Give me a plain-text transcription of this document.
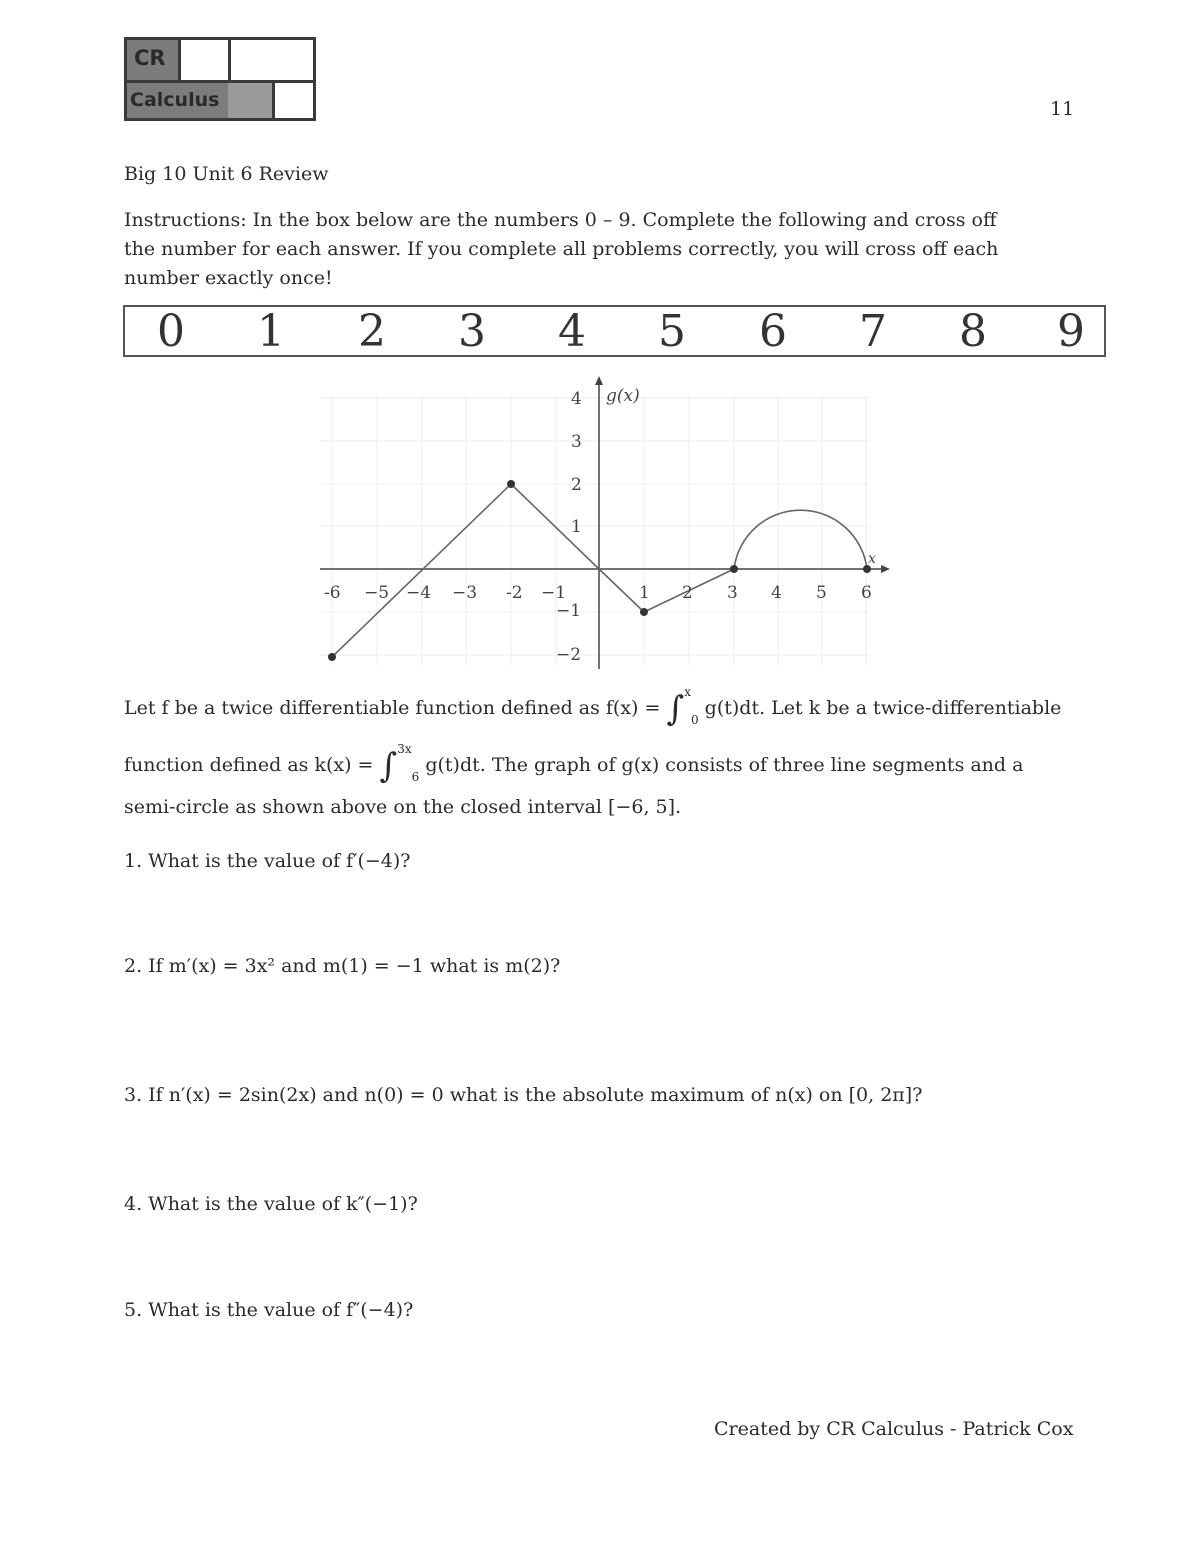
CR
Calculus	11
Big 10 Unit 6 Review
Instructions: In the box below are the numbers 0 – 9. Complete the following and cross off the number for each answer. If you complete all problems correctly, you will cross off each number exactly once!
0 1 2 3 4 5 6 7 8 9
g(x)
x
-6 −5 −4 −3 -2 −1	1 2 3 4 5 6
4
3
2
1
−1
−2
Let f be a twice differentiable function defined as f(x) = ∫$^x_0$ g(t)dt. Let k be a twice-differentiable
function defined as k(x) = ∫$^{3x}_6$ g(t)dt. The graph of g(x) consists of three line segments and a
semi-circle as shown above on the closed interval [−6, 5].
1. What is the value of f′(−4)?
2. If m′(x) = 3x² and m(1) = −1 what is m(2)?
3. If n′(x) = 2sin(2x) and n(0) = 0 what is the absolute maximum of n(x) on [0, 2π]?
4. What is the value of k″(−1)?
5. What is the value of f″(−4)?
Created by CR Calculus - Patrick Cox
